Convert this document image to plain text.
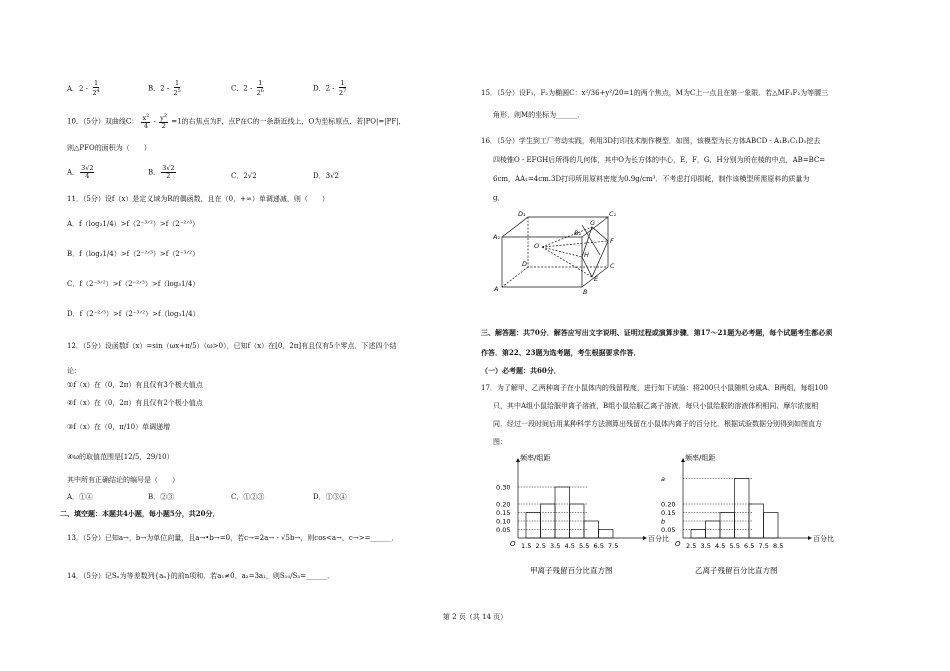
A．$2 - \frac{1}{2^4}$	B．$2 - \frac{1}{2^5}$	C．$2 - \frac{1}{2^6}$	D．$2 - \frac{1}{2^7}$
10．（5分）双曲线C： $\frac{x^2}{4} - \frac{y^2}{2} =1$的右焦点为F，点P在C的一条渐近线上，O为坐标原点．若|PO|=|PF|，
则△PFO的面积为（　　）
A． $\frac{3√2}{4}$	B． $\frac{3√2}{2}$	C．2√2	D．3√2
11．（5分）设f（x）是定义域为R的偶函数，且在（0，+∞）单调递减，则（　　）
A．f（log₃1/4）>f（2⁻³ᐟ²）>f（2⁻²ᐟ³）
B．f（log₃1/4）>f（2⁻²ᐟ³）>f（2⁻³ᐟ²）
C．f（2⁻³ᐟ²）>f（2⁻²ᐟ³）>f（log₃1/4）
D．f（2⁻²ᐟ³）>f（2⁻³ᐟ²）>f（log₃1/4）
12．（5分）设函数f（x）=sin（ωx+π/5）（ω>0），已知f（x）在[0，2π]有且仅有5个零点．下述四个结
论：
①f（x）在（0，2π）有且仅有3个极大值点
②f（x）在（0，2π）有且仅有2个极小值点
③f（x）在（0，π/10）单调递增
④ω的取值范围是[12/5，29/10）
其中所有正确结论的编号是（　　）
A．①④	B．②③	C．①②③	D．①③④
二、填空题：本题共4小题，每小题5分，共20分．
13．（5分）已知a→，b→为单位向量，且a→•b→=0，若c→=2a→ - √5b→，则cos<a→，c→>=______．
14．（5分）记Sₙ为等差数列{aₙ}的前n项和．若a₁≠0，a₂=3a₁，则S₁₀/S₅=______．
15．（5分）设F₁，F₂为椭圆C：x²/36+y²/20=1的两个焦点，M为C上一点且在第一象限．若△MF₁F₂为等腰三
角形，则M的坐标为______．
16．（5分）学生到工厂劳动实践，利用3D打印技术制作模型．如图，该模型为长方体ABCD - A₁B₁C₁D₁挖去
四棱锥O - EFGH后所得的几何体，其中O为长方体的中心，E，F，G，H分别为所在棱的中点，AB=BC=
6cm，AA₁=4cm.3D打印所用原料密度为0.9g/cm³．不考虑打印损耗，制作该模型所需原料的质量为
g．
D₁	C₁
A₁
G
B₁
F
O
H
D	C
E
A	B
三、解答题：共70分．解答应写出文字说明、证明过程或演算步骤．第17～21题为必考题，每个试题考生都必须
作答．第22、23题为选考题，考生根据要求作答．
（一）必考题：共60分．
17．为了解甲、乙两种离子在小鼠体内的残留程度，进行如下试验：将200只小鼠随机分成A、B两组，每组100
只，其中A组小鼠给服甲离子溶液，B组小鼠给服乙离子溶液．每只小鼠给服的溶液体积相同、摩尔浓度相
同．经过一段时间后用某种科学方法测算出残留在小鼠体内离子的百分比．根据试验数据分别得到如图直方
图：
频率/组距
百分比
O
甲离子残留百分比直方图
1.5 2.5 3.5 4.5 5.5 6.5 7.5
0.05
0.10
0.15
0.20
0.30
频率/组距
百分比
O
乙离子残留百分比直方图
2.5 3.5 4.5 5.5 6.5 7.5 8.5
0.05
b
0.15
0.20
a
第 2 页（共 14 页）
